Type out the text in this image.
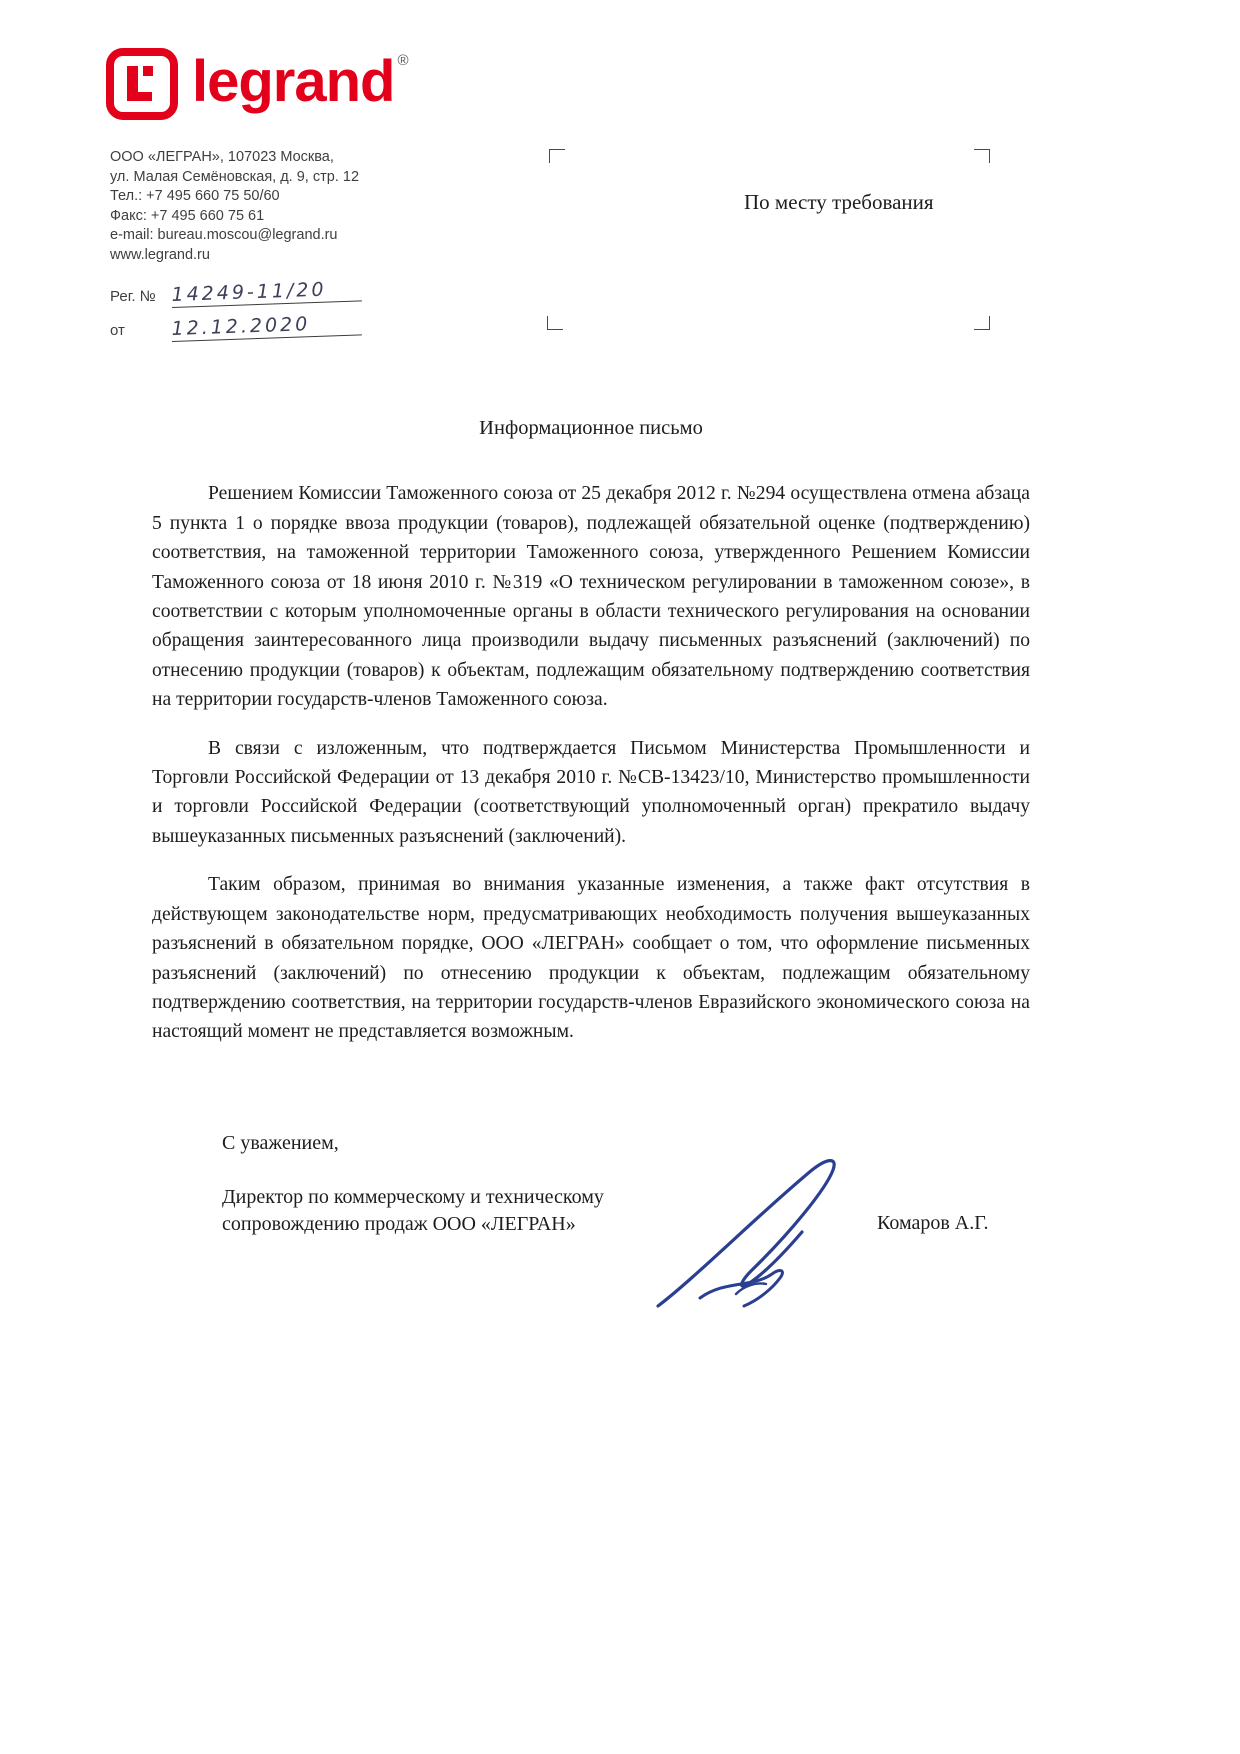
legrand ®
ООО «ЛЕГРАН», 107023 Москва,
ул. Малая Семёновская, д. 9, стр. 12
Тел.: +7 495 660 75 50/60
Факс: +7 495 660 75 61
e-mail: bureau.moscou@legrand.ru
www.legrand.ru
Рег. № 14249-11/20
от 12.12.2020
По месту требования
Информационное письмо

Решением Комиссии Таможенного союза от 25 декабря 2012 г. №294 осуществлена отмена абзаца 5 пункта 1 о порядке ввоза продукции (товаров), подлежащей обязательной оценке (подтверждению) соответствия, на таможенной территории Таможенного союза, утвержденного Решением Комиссии Таможенного союза от 18 июня 2010 г. №319 «О техническом регулировании в таможенном союзе», в соответствии с которым уполномоченные органы в области технического регулирования на основании обращения заинтересованного лица производили выдачу письменных разъяснений (заключений) по отнесению продукции (товаров) к объектам, подлежащим обязательному подтверждению соответствия на территории государств-членов Таможенного союза.

В связи с изложенным, что подтверждается Письмом Министерства Промышленности и Торговли Российской Федерации от 13 декабря 2010 г. №СВ-13423/10, Министерство промышленности и торговли Российской Федерации (соответствующий уполномоченный орган) прекратило выдачу вышеуказанных письменных разъяснений (заключений).

Таким образом, принимая во внимания указанные изменения, а также факт отсутствия в действующем законодательстве норм, предусматривающих необходимость получения вышеуказанных разъяснений в обязательном порядке, ООО «ЛЕГРАН» сообщает о том, что оформление письменных разъяснений (заключений) по отнесению продукции к объектам, подлежащим обязательному подтверждению соответствия, на территории государств-членов Евразийского экономического союза на настоящий момент не представляется возможным.

С уважением,
Директор по коммерческому и техническому
сопровождению продаж ООО «ЛЕГРАН»	Комаров А.Г.
